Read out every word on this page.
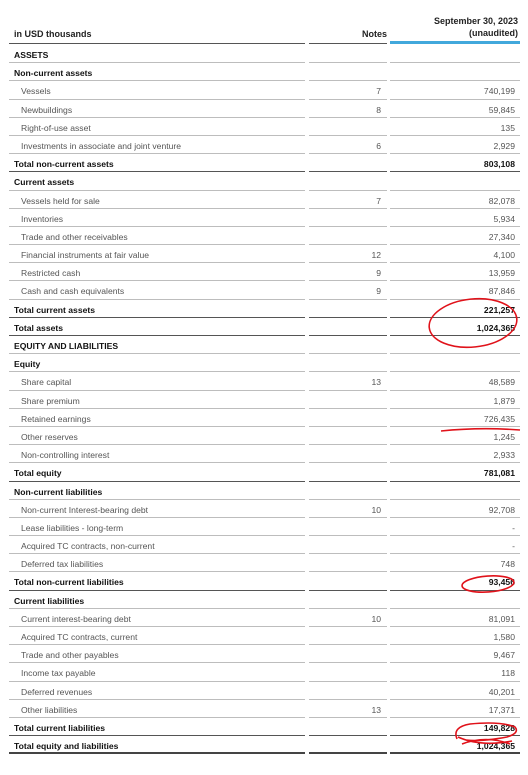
in USD thousands	Notes
September 30, 2023
(unaudited)
ASSETS
Non-current assets
Vessels	7	740,199
Newbuildings	8	59,845
Right-of-use asset	135
Investments in associate and joint venture	6	2,929
Total non-current assets	803,108
Current assets
Vessels held for sale	7	82,078
Inventories	5,934
Trade and other receivables	27,340
Financial instruments at fair value	12	4,100
Restricted cash	9	13,959
Cash and cash equivalents	9	87,846
Total current assets	221,257
Total assets	1,024,365
EQUITY AND LIABILITIES
Equity
Share capital	13	48,589
Share premium	1,879
Retained earnings	726,435
Other reserves	1,245
Non-controlling interest	2,933
Total equity	781,081
Non-current liabilities
Non-current Interest-bearing debt	10	92,708
Lease liabilities - long-term	-
Acquired TC contracts, non-current	-
Deferred tax liabilities	748
Total non-current liabilities	93,456
Current liabilities
Current interest-bearing debt	10	81,091
Acquired TC contracts, current	1,580
Trade and other payables	9,467
Income tax payable	118
Deferred revenues	40,201
Other liabilities	13	17,371
Total current liabilities	149,828
Total equity and liabilities	1,024,365
